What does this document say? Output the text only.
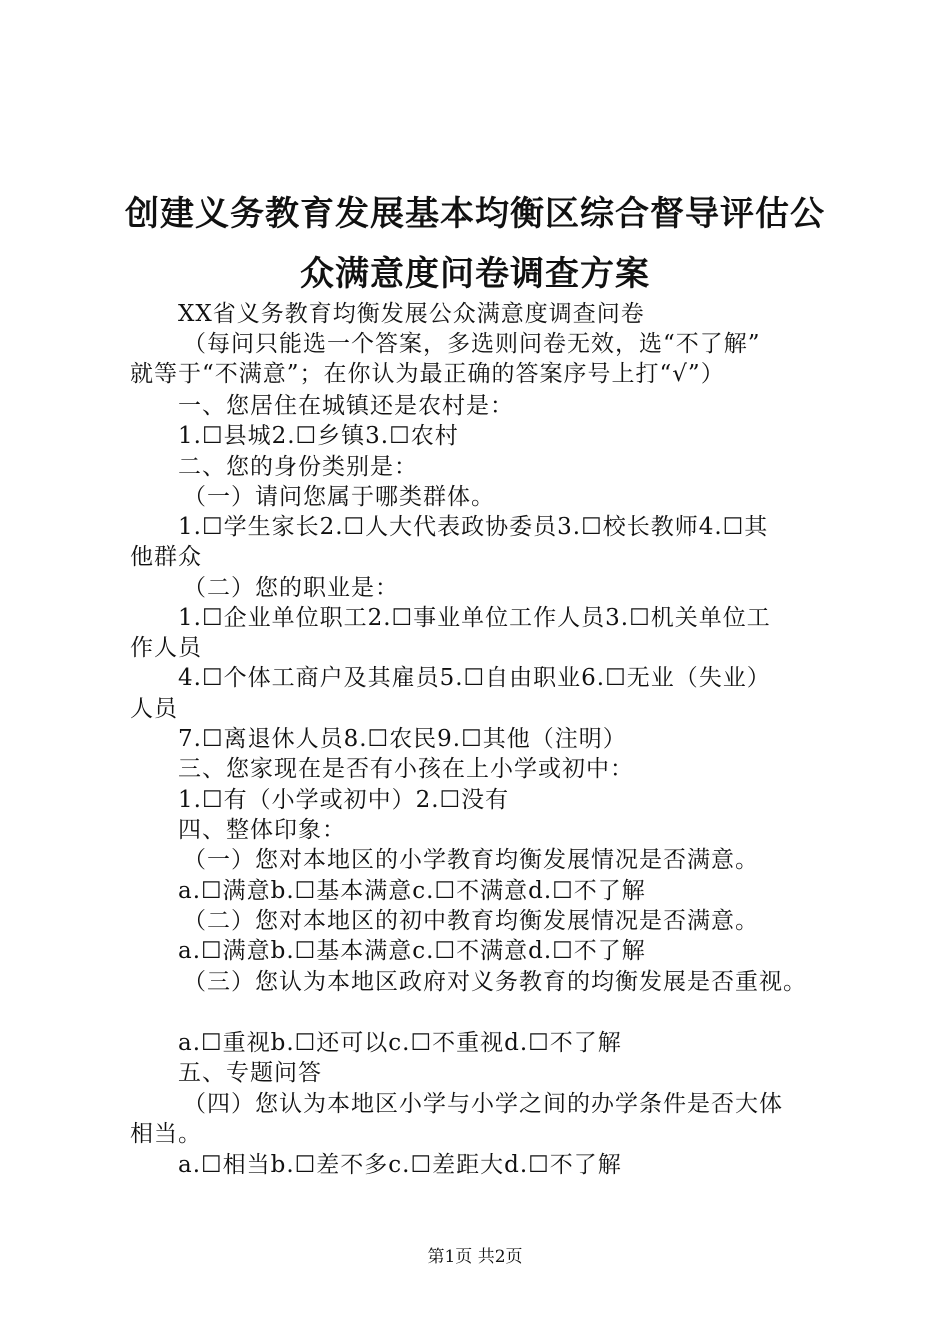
创建义务教育发展基本均衡区综合督导评估公
众满意度问卷调查方案
XX省义务教育均衡发展公众满意度调查问卷
（每问只能选一个答案，多选则问卷无效，选“不了解”
就等于“不满意”；在你认为最正确的答案序号上打“√”）
一、您居住在城镇还是农村是：
1.☐县城2.☐乡镇3.☐农村
二、您的身份类别是：
（一）请问您属于哪类群体。
1.☐学生家长2.☐人大代表政协委员3.☐校长教师4.☐其
他群众
（二）您的职业是：
1.☐企业单位职工2.☐事业单位工作人员3.☐机关单位工
作人员
4.☐个体工商户及其雇员5.☐自由职业6.☐无业（失业）
人员
7.☐离退休人员8.☐农民9.☐其他（注明）
三、您家现在是否有小孩在上小学或初中：
1.☐有（小学或初中）2.☐没有
四、整体印象：
（一）您对本地区的小学教育均衡发展情况是否满意。
a.☐满意b.☐基本满意c.☐不满意d.☐不了解
（二）您对本地区的初中教育均衡发展情况是否满意。
a.☐满意b.☐基本满意c.☐不满意d.☐不了解
（三）您认为本地区政府对义务教育的均衡发展是否重视。
a.☐重视b.☐还可以c.☐不重视d.☐不了解
五、专题问答
（四）您认为本地区小学与小学之间的办学条件是否大体
相当。
a.☐相当b.☐差不多c.☐差距大d.☐不了解
第1页 共2页
